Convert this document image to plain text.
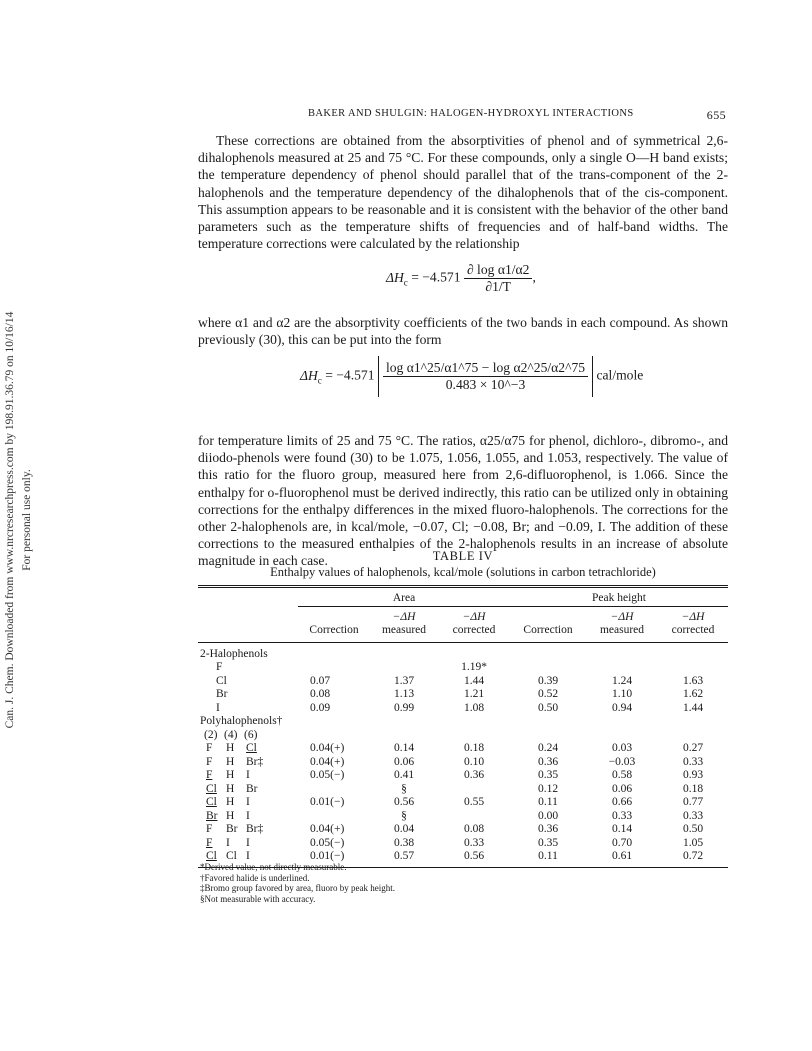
Can. J. Chem. Downloaded from www.nrcresearchpress.com by 198.91.36.79 on 10/16/14 For personal use only.
BAKER AND SHULGIN: HALOGEN-HYDROXYL INTERACTIONS	655

These corrections are obtained from the absorptivities of phenol and of symmetrical 2,6-dihalophenols measured at 25 and 75 °C. For these compounds, only a single O—H band exists; the temperature dependency of phenol should parallel that of the trans-component of the 2-halophenols and the temperature dependency of the dihalophenols that of the cis-component. This assumption appears to be reasonable and it is consistent with the behavior of the other band parameters such as the temperature shifts of frequencies and of half-band widths. The temperature corrections were calculated by the relationship

$\Delta H_c = -4.571 \frac{\text{∂ log α1/α2}}{\partial 1/T}$ ,

where α1 and α2 are the absorptivity coefficients of the two bands in each compound. As shown previously (30), this can be put into the form

$\Delta H_c = -4.571 \frac{\text{log α1\textasciicircum{}25/α1\textasciicircum{}75 − log α2\textasciicircum{}25/α2\textasciicircum{}75}}{0.483 \times 10\^{}-3}$ cal/mole

for temperature limits of 25 and 75 °C. The ratios, α25/α75 for phenol, dichloro-, dibromo-, and diiodo-phenols were found (30) to be 1.075, 1.056, 1.055, and 1.053, respectively. The value of this ratio for the fluoro group, measured here from 2,6-difluorophenol, is 1.066. Since the enthalpy for o-fluorophenol must be derived indirectly, this ratio can be utilized only in obtaining corrections for the enthalpy differences in the mixed fluoro-halophenols. The corrections for the other 2-halophenols are, in kcal/mole, −0.07, Cl; −0.08, Br; and −0.09, I. The addition of these corrections to the measured enthalpies of the 2-halophenols results in an increase of absolute magnitude in each case.	TABLE IV
Enthalpy values of halophenols, kcal/mole (solutions in carbon tetrachloride)
	Area			Peak height		
		−ΔH	−ΔH		−ΔH	−ΔH
	Correction	measured	corrected	Correction	measured	corrected
2-Halophenols						
F			1.19*			
Cl	0.07	1.37	1.44	0.39	1.24	1.63
Br	0.08	1.13	1.21	0.52	1.10	1.62
I	0.09	0.99	1.08	0.50	0.94	1.44
Polyhalophenols†						
(2) (4) (6)						
F H Cl	0.04(+)	0.14	0.18	0.24	0.03	0.27
F H Br‡	0.04(+)	0.06	0.10	0.36	−0.03	0.33
F H I	0.05(−)	0.41	0.36	0.35	0.58	0.93
Cl H Br		§		0.12	0.06	0.18
Cl H I	0.01(−)	0.56	0.55	0.11	0.66	0.77
Br H I		§		0.00	0.33	0.33
F Br Br‡	0.04(+)	0.04	0.08	0.36	0.14	0.50
F I I	0.05(−)	0.38	0.33	0.35	0.70	1.05
Cl Cl I	0.01(−)	0.57	0.56	0.11	0.61	0.72

*Derived value, not directly measurable.
†Favored halide is underlined.
‡Bromo group favored by area, fluoro by peak height.
§Not measurable with accuracy.
